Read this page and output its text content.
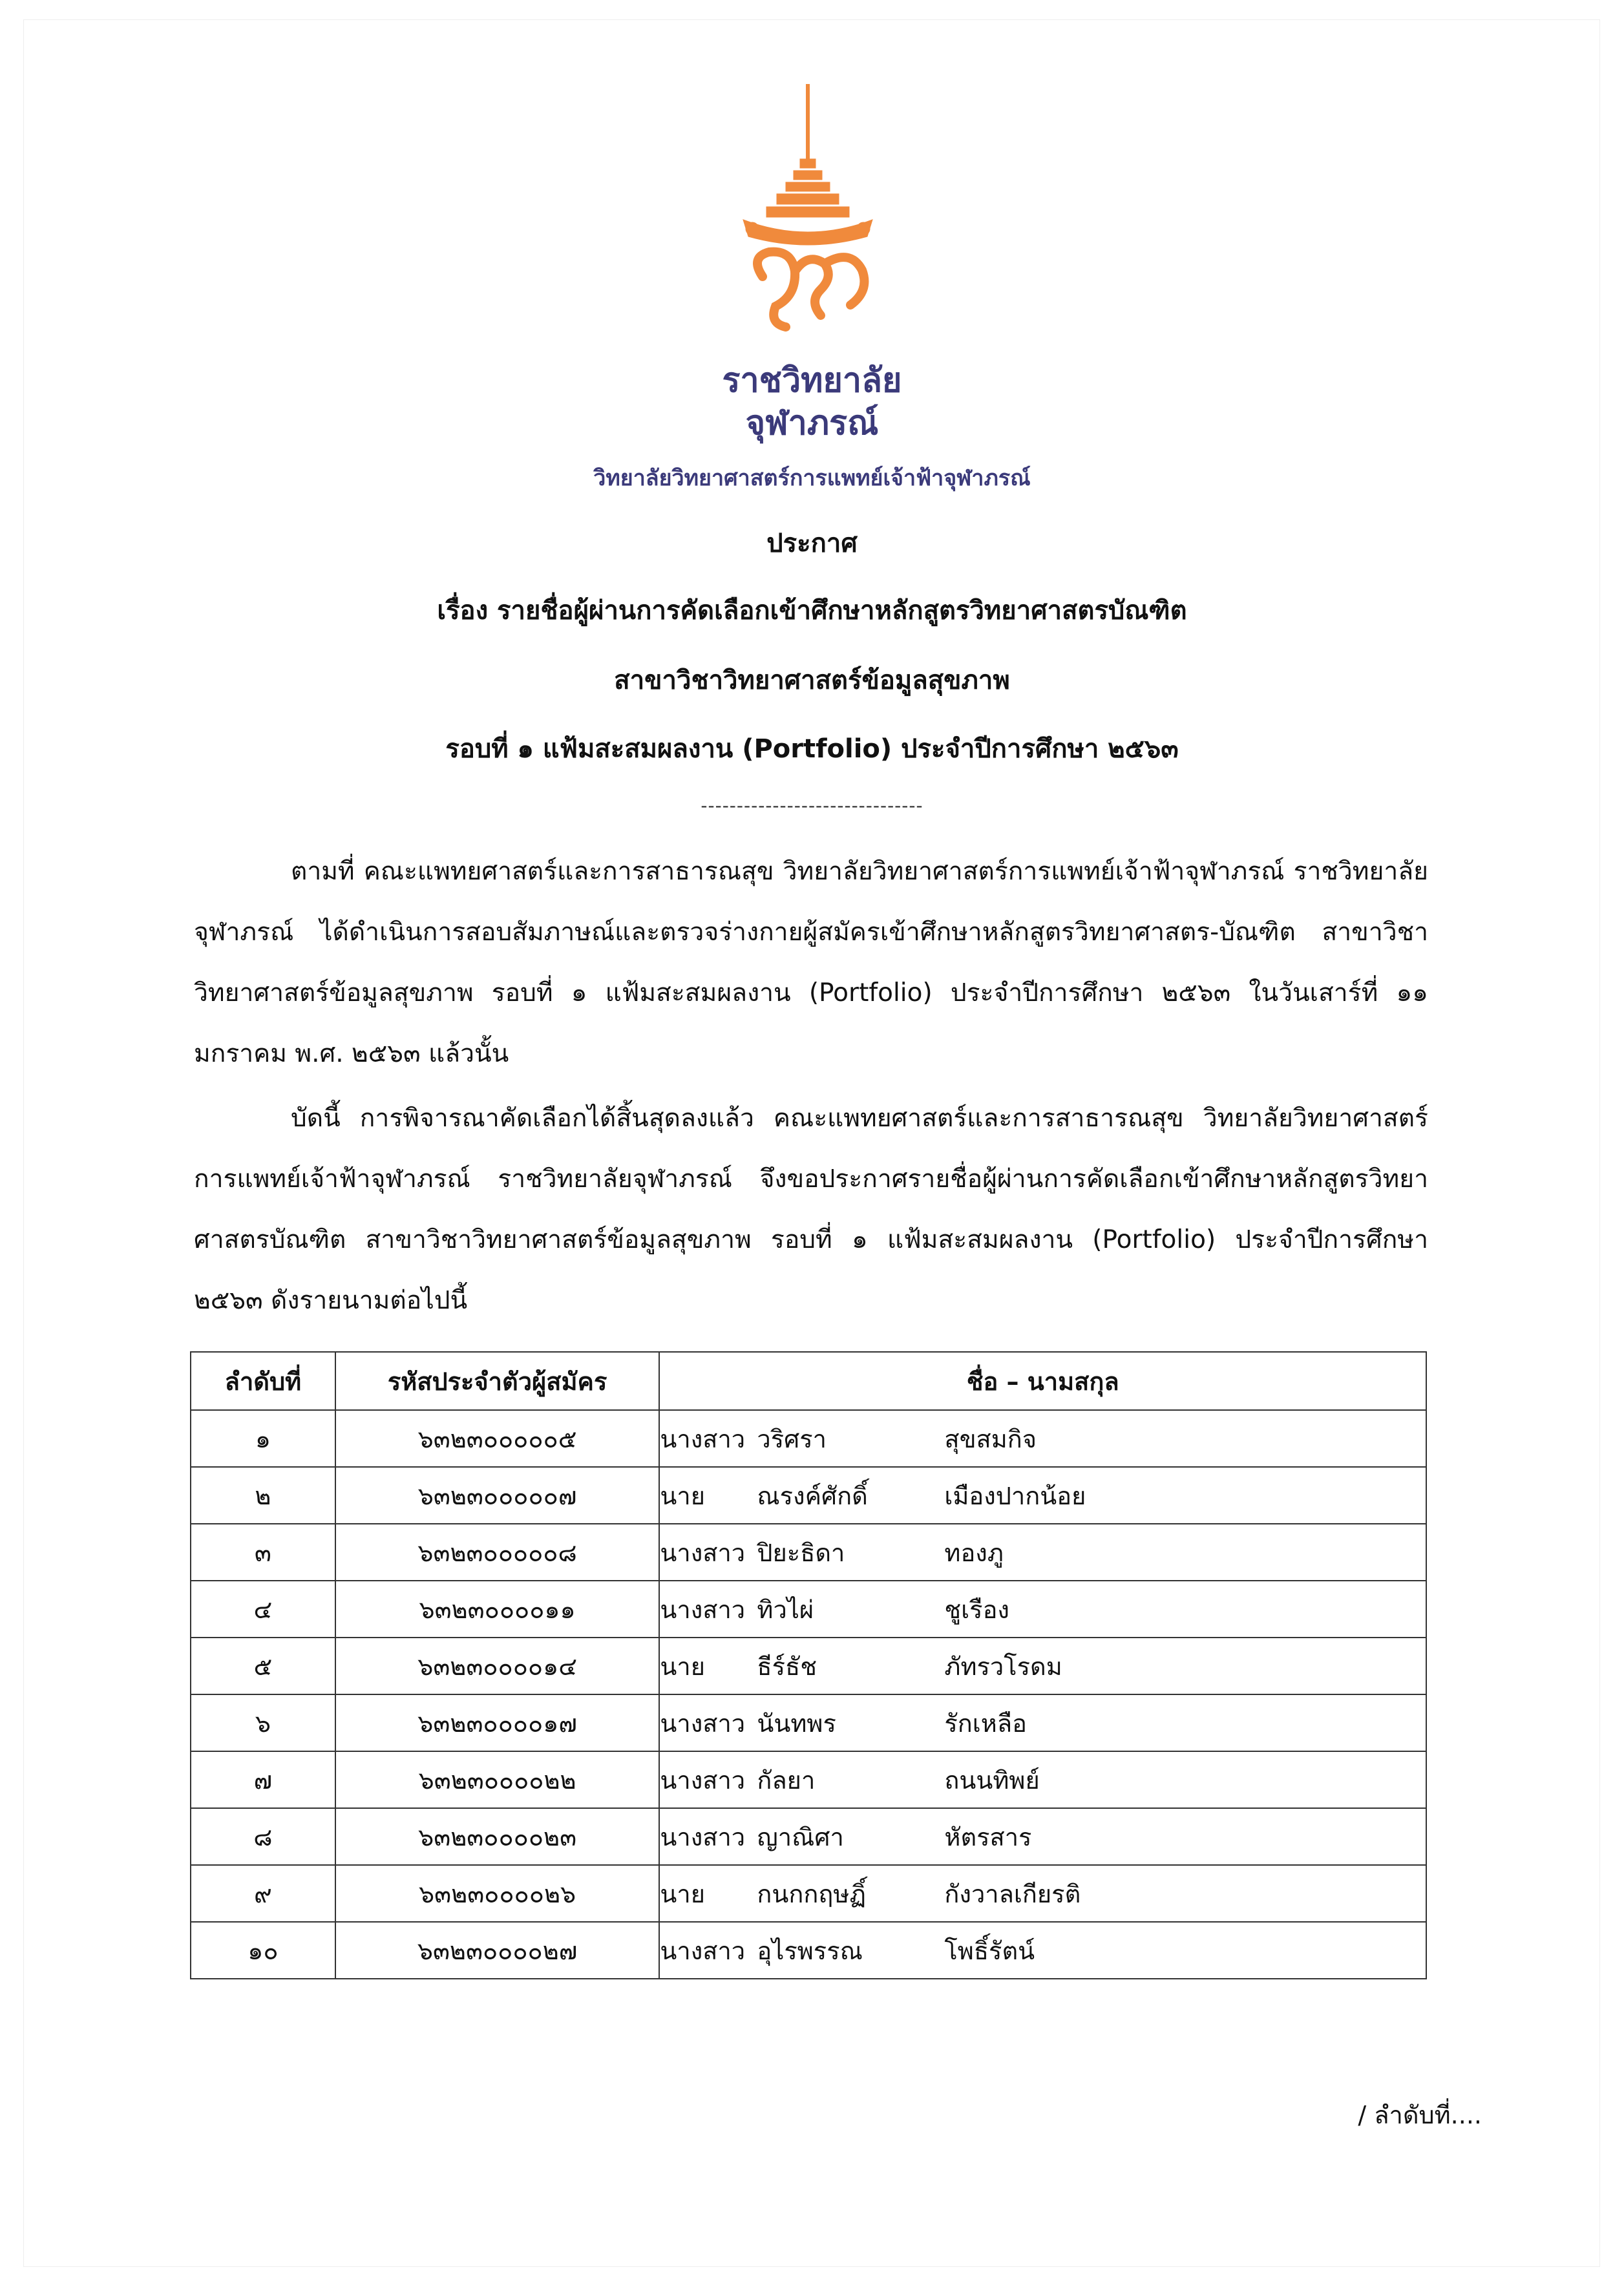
ราชวิทยาลัย
จุฬาภรณ์
วิทยาลัยวิทยาศาสตร์การแพทย์เจ้าฟ้าจุฬาภรณ์
ประกาศ
เรื่อง รายชื่อผู้ผ่านการคัดเลือกเข้าศึกษาหลักสูตรวิทยาศาสตรบัณฑิต
สาขาวิชาวิทยาศาสตร์ข้อมูลสุขภาพ
รอบที่ ๑ แฟ้มสะสมผลงาน (Portfolio) ประจำปีการศึกษา ๒๕๖๓
-------------------------------
ตามที่ คณะแพทยศาสตร์และการสาธารณสุข วิทยาลัยวิทยาศาสตร์การแพทย์เจ้าฟ้าจุฬาภรณ์ ราชวิทยาลัยจุฬาภรณ์ ได้ดำเนินการสอบสัมภาษณ์และตรวจร่างกายผู้สมัครเข้าศึกษาหลักสูตรวิทยาศาสตร-บัณฑิต สาขาวิชาวิทยาศาสตร์ข้อมูลสุขภาพ รอบที่ ๑ แฟ้มสะสมผลงาน (Portfolio) ประจำปีการศึกษา ๒๕๖๓ ในวันเสาร์ที่ ๑๑ มกราคม พ.ศ. ๒๕๖๓ แล้วนั้น
บัดนี้ การพิจารณาคัดเลือกได้สิ้นสุดลงแล้ว คณะแพทยศาสตร์และการสาธารณสุข วิทยาลัยวิทยาศาสตร์การแพทย์เจ้าฟ้าจุฬาภรณ์ ราชวิทยาลัยจุฬาภรณ์ จึงขอประกาศรายชื่อผู้ผ่านการคัดเลือกเข้าศึกษาหลักสูตรวิทยาศาสตรบัณฑิต สาขาวิชาวิทยาศาสตร์ข้อมูลสุขภาพ รอบที่ ๑ แฟ้มสะสมผลงาน (Portfolio) ประจำปีการศึกษา ๒๕๖๓ ดังรายนามต่อไปนี้
ลำดับที่	รหัสประจำตัวผู้สมัคร	ชื่อ – นามสกุล
๑	๖๓๒๓๐๐๐๐๐๕	นางสาว วริศรา สุขสมกิจ
๒	๖๓๒๓๐๐๐๐๐๗	นาย ณรงค์ศักดิ์ เมืองปากน้อย
๓	๖๓๒๓๐๐๐๐๐๘	นางสาว ปิยะธิดา ทองภู
๔	๖๓๒๓๐๐๐๐๑๑	นางสาว ทิวไผ่ ชูเรือง
๕	๖๓๒๓๐๐๐๐๑๔	นาย ธีร์ธัช ภัทรวโรดม
๖	๖๓๒๓๐๐๐๐๑๗	นางสาว นันทพร รักเหลือ
๗	๖๓๒๓๐๐๐๐๒๒	นางสาว กัลยา ถนนทิพย์
๘	๖๓๒๓๐๐๐๐๒๓	นางสาว ญาณิศา หัตรสาร
๙	๖๓๒๓๐๐๐๐๒๖	นาย กนกกฤษฏิ์ กังวาลเกียรติ
๑๐	๖๓๒๓๐๐๐๐๒๗	นางสาว อุไรพรรณ โพธิ์รัตน์
/ ลำดับที่....
